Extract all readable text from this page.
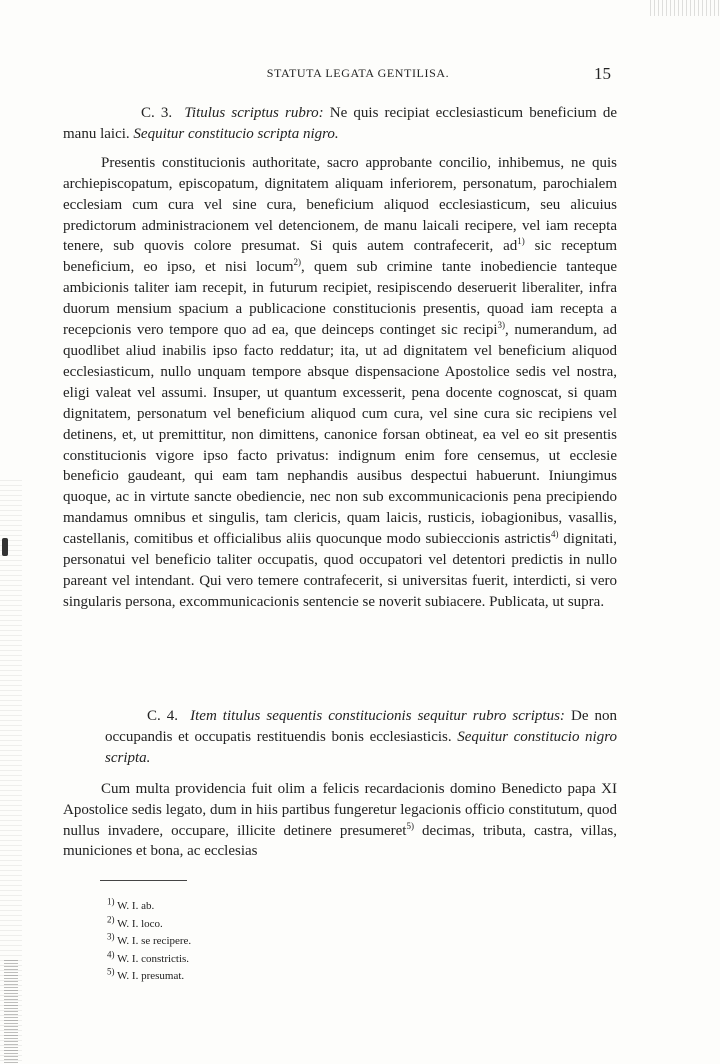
STATUTA LEGATA GENTILISA.	15

C. 3. Titulus scriptus rubro: Ne quis recipiat ecclesiasticum beneficium de manu laici. Sequitur constitucio scripta nigro.

Presentis constitucionis authoritate, sacro approbante concilio, inhibemus, ne quis archiepiscopatum, episcopatum, dignitatem aliquam inferiorem, personatum, parochialem ecclesiam cum cura vel sine cura, beneficium aliquod ecclesiasticum, seu alicuius predictorum administracionem vel detencionem, de manu laicali recipere, vel iam recepta tenere, sub quovis colore presumat. Si quis autem contrafecerit, $ad^{1)}$ sic receptum beneficium, eo ipso, et nisi locum$^{2)}$, quem sub crimine tante inobediencie tanteque ambicionis taliter iam recepit, in futurum recipiet, resipiscendo deseruerit liberaliter, infra duorum mensium spacium a publicacione constitucionis presentis, quoad iam recepta a recepcionis vero tempore quo ad ea, que deinceps continget sic recipi$^{3)}$, numerandum, ad quodlibet aliud inabilis ipso facto reddatur; ita, ut ad dignitatem vel beneficium aliquod ecclesiasticum, nullo unquam tempore absque dispensacione Apostolice sedis vel nostra, eligi valeat vel assumi. Insuper, ut quantum excesserit, pena docente cognoscat, si quam dignitatem, personatum vel beneficium aliquod cum cura, vel sine cura sic recipiens vel detinens, et, ut premittitur, non dimittens, canonice forsan obtineat, ea vel eo sit presentis constitucionis vigore ipso facto privatus: indignum enim fore censemus, ut ecclesie beneficio gaudeant, qui eam tam nephandis ausibus despectui habuerunt. Iniungimus quoque, ac in virtute sancte obediencie, nec non sub excommunicacionis pena precipiendo mandamus omnibus et singulis, tam clericis, quam laicis, rusticis, iobagionibus, vasallis, castellanis, comitibus et officialibus aliis quocunque modo subieccionis astrictis$^{4)}$ dignitati, personatui vel beneficio taliter occupatis, quod occupatori vel detentori predictis in nullo pareant vel intendant. Qui vero temere contrafecerit, si universitas fuerit, interdicti, si vero singularis persona, excommunicacionis sentencie se noverit subiacere. Publicata, ut supra.

C. 4. Item titulus sequentis constitucionis sequitur rubro scriptus: De non occupandis et occupatis restituendis bonis ecclesiasticis. Sequitur constitucio nigro scripta.

Cum multa providencia fuit olim a felicis recardacionis domino Benedicto papa XI Apostolice sedis legato, dum in hiis partibus fungeretur legacionis officio constitutum, quod nullus invadere, occupare, illicite detinere presumeret$^{5)}$ decimas, tributa, castra, villas, municiones et bona, ac ecclesias

$^{1)}$ W. I. ab.
$^{2)}$ W. I. loco.
$^{3)}$ W. I. se recipere.
$^{4)}$ W. I. constrictis.
$^{5)}$ W. I. presumat.
